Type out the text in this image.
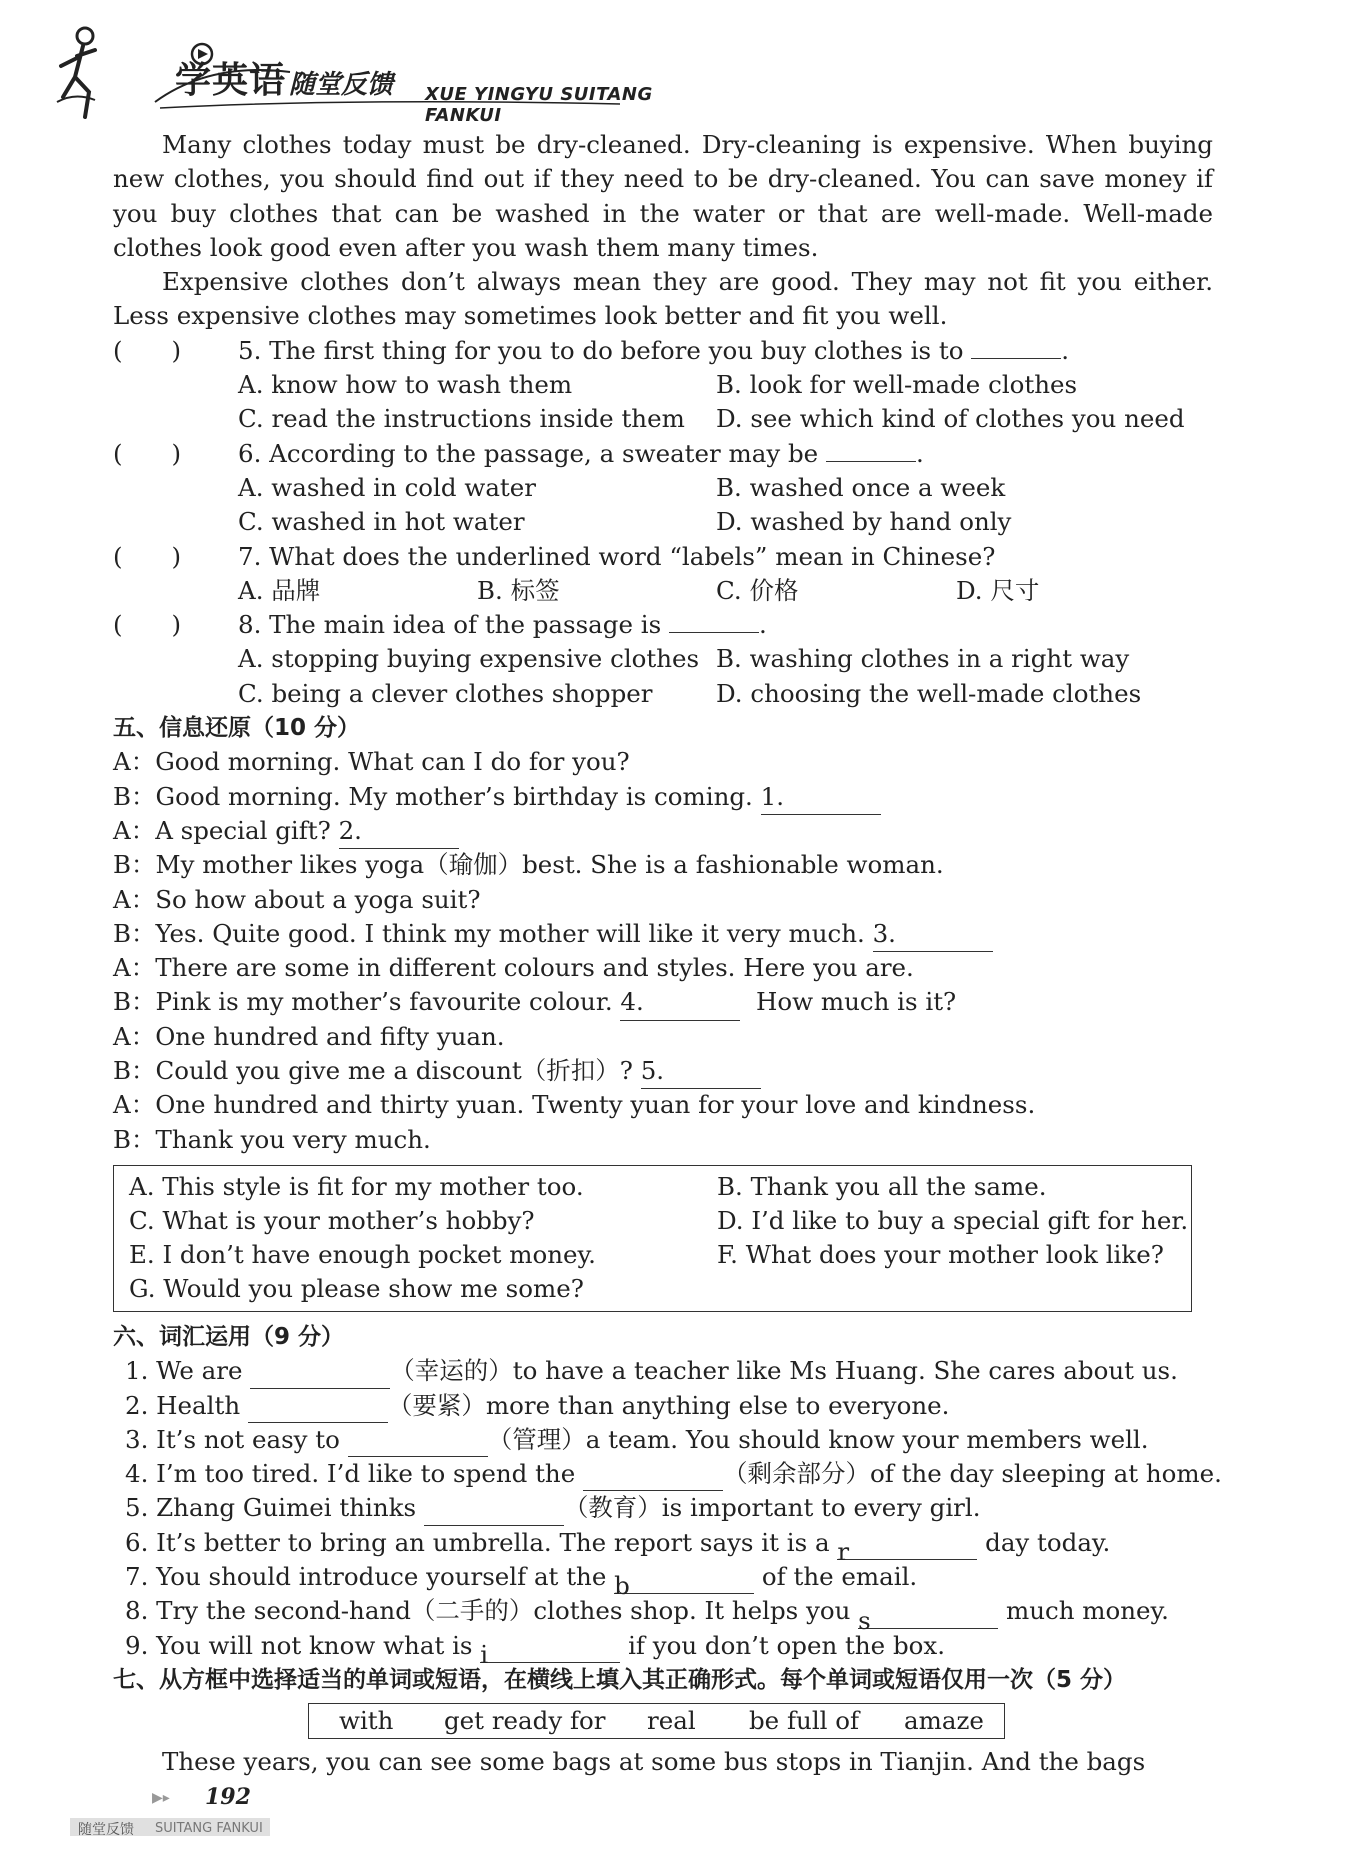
学英语 随堂反馈 XUE YINGYU SUITANG FANKUI

Many clothes today must be dry-cleaned. Dry-cleaning is expensive. When buying new clothes, you should find out if they need to be dry-cleaned. You can save money if you buy clothes that can be washed in the water or that are well-made. Well-made clothes look good even after you wash them many times.

Expensive clothes don’t always mean they are good. They may not fit you either. Less expensive clothes may sometimes look better and fit you well.

(　　) 5. The first thing for you to do before you buy clothes is to	.
A. know how to wash them	B. look for well-made clothes
C. read the instructions inside them D. see which kind of clothes you need
(　　) 6. According to the passage, a sweater may be	.
A. washed in cold water	B. washed once a week
C. washed in hot water	D. washed by hand only
(　　) 7. What does the underlined word “labels” mean in Chinese?
A. 品牌	B. 标签	C. 价格	D. 尺寸
(　　) 8. The main idea of the passage is	.
A. stopping buying expensive clothes B. washing clothes in a right way
C. being a clever clothes shopper	D. choosing the well-made clothes
五、信息还原（10 分）
A：Good morning. What can I do for you?
B：Good morning. My mother’s birthday is coming. 1.
A：A special gift? 2.
B：My mother likes yoga（瑜伽）best. She is a fashionable woman.
A：So how about a yoga suit?
B：Yes. Quite good. I think my mother will like it very much. 3.
A：There are some in different colours and styles. Here you are.
B：Pink is my mother’s favourite colour. 4.	How much is it?
A：One hundred and fifty yuan.
B：Could you give me a discount（折扣）? 5.
A：One hundred and thirty yuan. Twenty yuan for your love and kindness.
B：Thank you very much.
A. This style is fit for my mother too.	B. Thank you all the same.
C. What is your mother’s hobby?	D. I’d like to buy a special gift for her.
E. I don’t have enough pocket money.	F. What does your mother look like?
G. Would you please show me some?
六、词汇运用（9 分）
1. We are	（幸运的）to have a teacher like Ms Huang. She cares about us.
2. Health	（要紧）more than anything else to everyone.
3. It’s not easy to	（管理）a team. You should know your members well.
4. I’m too tired. I’d like to spend the	（剩余部分）of the day sleeping at home.
5. Zhang Guimei thinks	（教育）is important to every girl.
6. It’s better to bring an umbrella. The report says it is a r	day today.
7. You should introduce yourself at the b	of the email.
8. Try the second-hand（二手的）clothes shop. It helps you s	much money.
9. You will not know what is i	if you don’t open the box.
七、从方框中选择适当的单词或短语，在横线上填入其正确形式。每个单词或短语仅用一次（5 分）
with get ready for real be full of amaze

These years, you can see some bags at some bus stops in Tianjin. And the bags

▶▸ 192
随堂反馈 SUITANG FANKUI
